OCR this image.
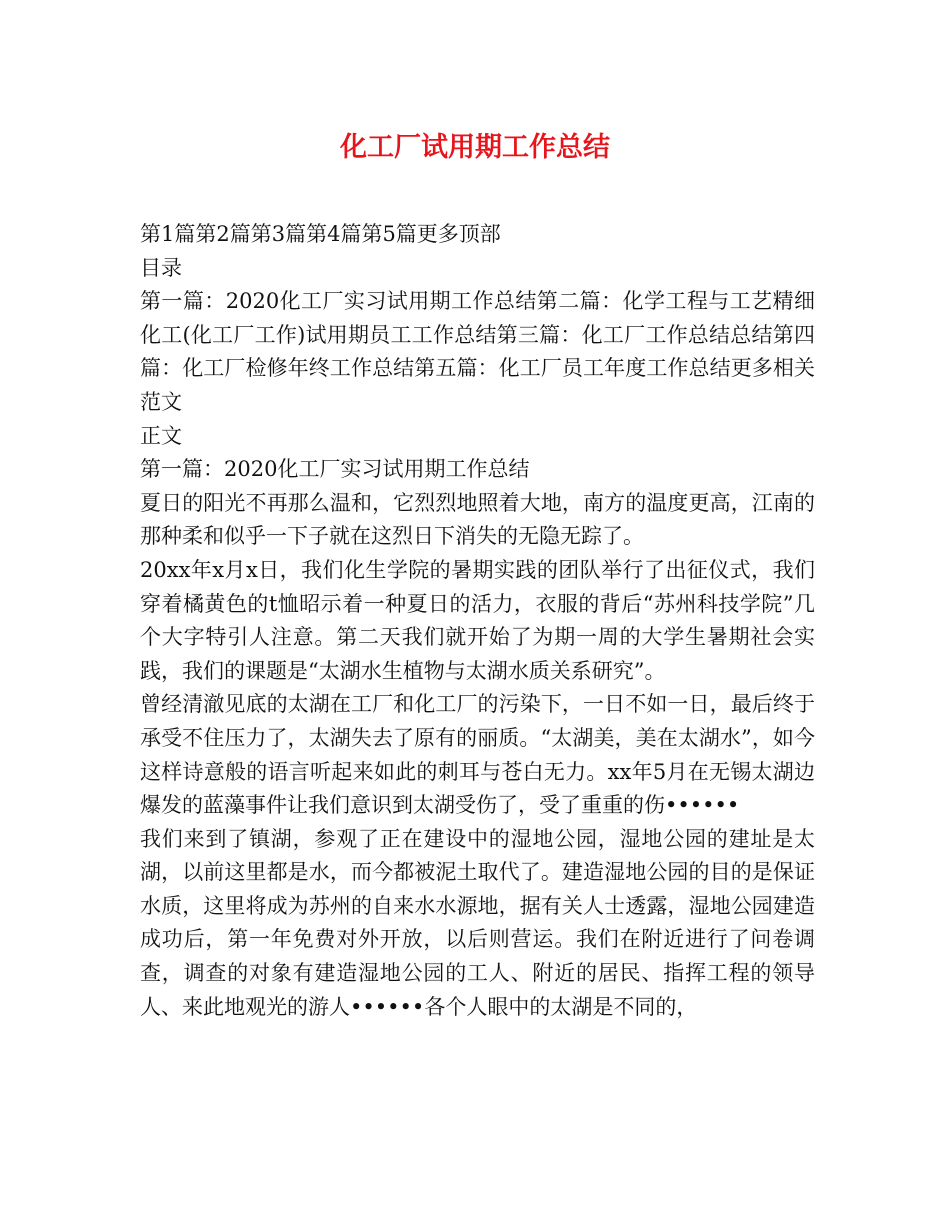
化工厂试用期工作总结

第1篇第2篇第3篇第4篇第5篇更多顶部

目录

第一篇：2020化工厂实习试用期工作总结第二篇：化学工程与工艺精细化工(化工厂工作)试用期员工工作总结第三篇：化工厂工作总结总结第四篇：化工厂检修年终工作总结第五篇：化工厂员工年度工作总结更多相关范文

正文

第一篇：2020化工厂实习试用期工作总结

夏日的阳光不再那么温和，它烈烈地照着大地，南方的温度更高，江南的那种柔和似乎一下子就在这烈日下消失的无隐无踪了。

20xx年x月x日，我们化生学院的暑期实践的团队举行了出征仪式，我们穿着橘黄色的t恤昭示着一种夏日的活力，衣服的背后“苏州科技学院”几个大字特引人注意。第二天我们就开始了为期一周的大学生暑期社会实践，我们的课题是“太湖水生植物与太湖水质关系研究”。

曾经清澈见底的太湖在工厂和化工厂的污染下，一日不如一日，最后终于承受不住压力了，太湖失去了原有的丽质。“太湖美，美在太湖水”，如今这样诗意般的语言听起来如此的刺耳与苍白无力。xx年5月在无锡太湖边爆发的蓝藻事件让我们意识到太湖受伤了，受了重重的伤••••••

我们来到了镇湖，参观了正在建设中的湿地公园，湿地公园的建址是太湖，以前这里都是水，而今都被泥土取代了。建造湿地公园的目的是保证水质，这里将成为苏州的自来水水源地，据有关人士透露，湿地公园建造成功后，第一年免费对外开放，以后则营运。我们在附近进行了问卷调查，调查的对象有建造湿地公园的工人、附近的居民、指挥工程的领导人、来此地观光的游人••••••各个人眼中的太湖是不同的，
